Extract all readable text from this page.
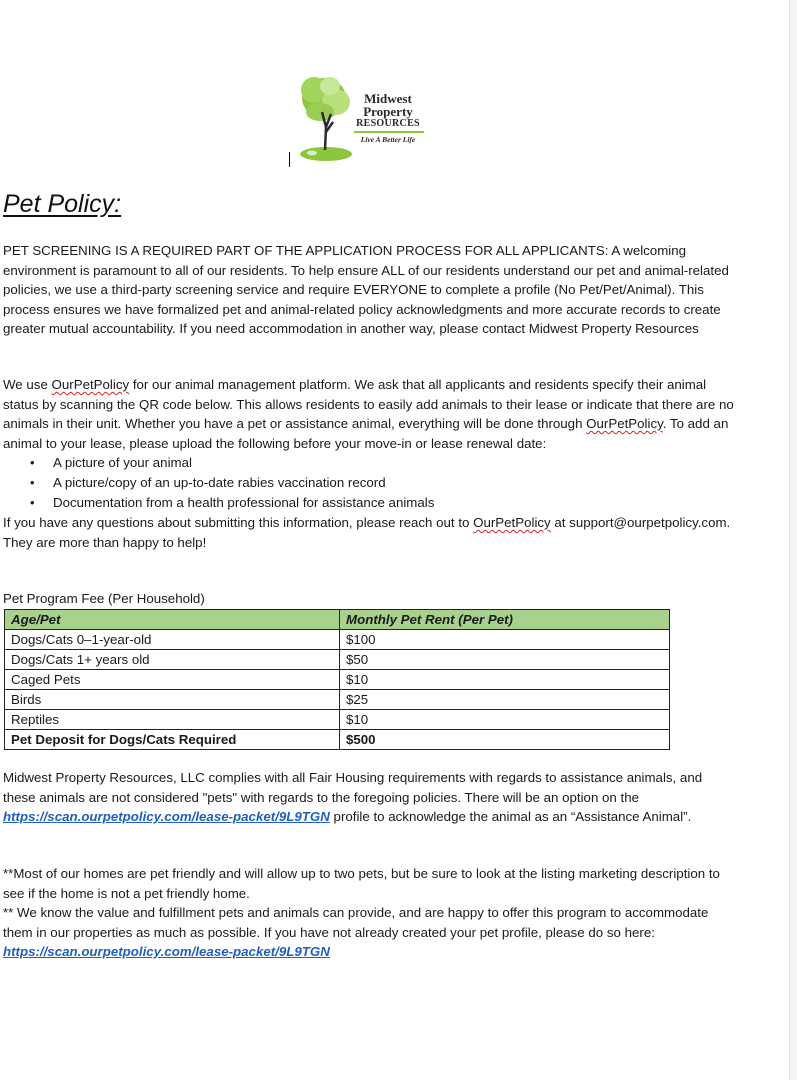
Midwest
Property
RESOURCES
Live A Better Life
Pet Policy:

PET SCREENING IS A REQUIRED PART OF THE APPLICATION PROCESS FOR ALL APPLICANTS: A welcoming environment is paramount to all of our residents. To help ensure ALL of our residents understand our pet and animal-related policies, we use a third-party screening service and require EVERYONE to complete a profile (No Pet/Pet/Animal). This process ensures we have formalized pet and animal-related policy acknowledgments and more accurate records to create greater mutual accountability. If you need accommodation in another way, please contact Midwest Property Resources

We use OurPetPolicy for our animal management platform. We ask that all applicants and residents specify their animal status by scanning the QR code below. This allows residents to easily add animals to their lease or indicate that there are no animals in their unit. Whether you have a pet or assistance animal, everything will be done through OurPetPolicy. To add an animal to your lease, please upload the following before your move-in or lease renewal date:
• A picture of your animal
• A picture/copy of an up-to-date rabies vaccination record
• Documentation from a health professional for assistance animals
If you have any questions about submitting this information, please reach out to OurPetPolicy at support@ourpetpolicy.com. They are more than happy to help!

Pet Program Fee (Per Household)

Age/Pet	Monthly Pet Rent (Per Pet)
Dogs/Cats 0–1-year-old	$100
Dogs/Cats 1+ years old	$50
Caged Pets	$10
Birds	$25
Reptiles	$10
Pet Deposit for Dogs/Cats Required	$500

Midwest Property Resources, LLC complies with all Fair Housing requirements with regards to assistance animals, and these animals are not considered "pets" with regards to the foregoing policies. There will be an option on the https://scan.ourpetpolicy.com/lease-packet/9L9TGN profile to acknowledge the animal as an “Assistance Animal”.

**Most of our homes are pet friendly and will allow up to two pets, but be sure to look at the listing marketing description to see if the home is not a pet friendly home.
** We know the value and fulfillment pets and animals can provide, and are happy to offer this program to accommodate them in our properties as much as possible. If you have not already created your pet profile, please do so here: https://scan.ourpetpolicy.com/lease-packet/9L9TGN
